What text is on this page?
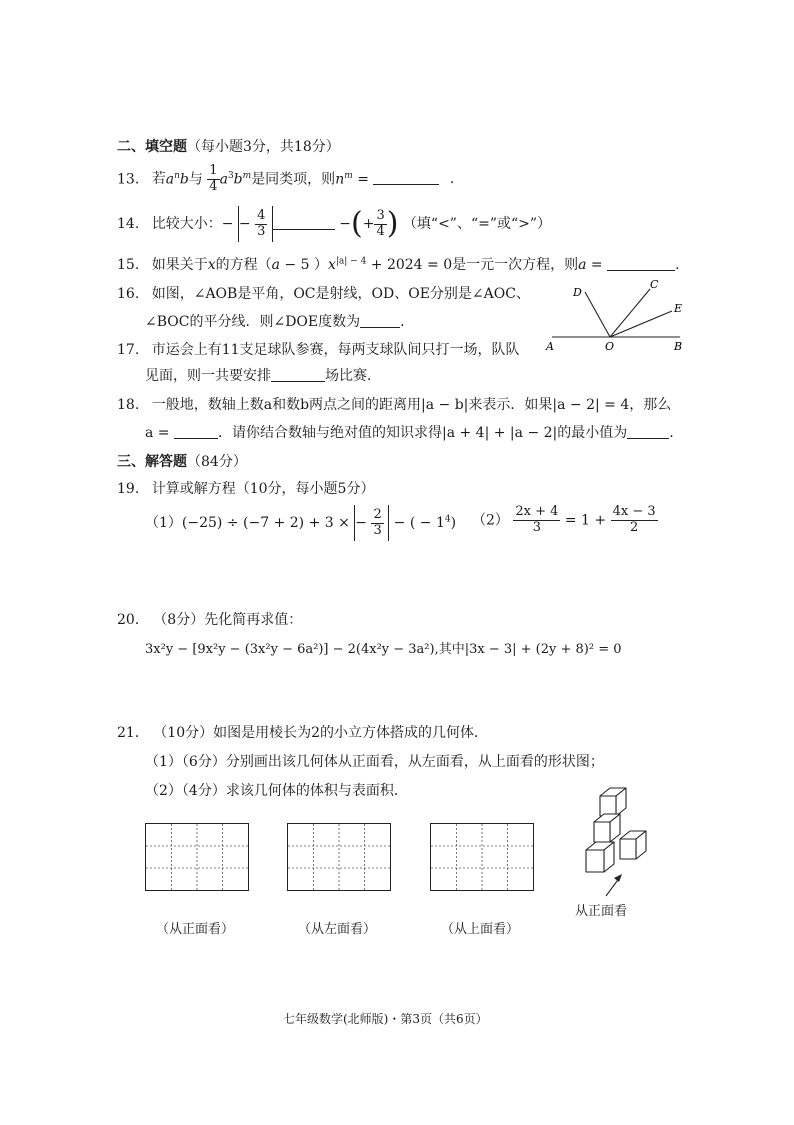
二、填空题（每小题3分，共18分）
13. 若$a^nb$与 $\frac{1}{4} a^3b^m$是同类项，则$n^m$ =	.
14. 比较大小：− − $\frac{4}{3}$	−(+ $\frac{3}{4}$ ) （填“<”、“=”或“>”）
15. 如果关于x的方程（a − 5 ）$x^{|a| - 4} + 2024 = 0$是一元一次方程，则a =	.
16. 如图，∠AOB是平角，OC是射线，OD、OE分别是∠AOC、
∠BOC的平分线．则∠DOE度数为	.
D
C
E
A	O	B
17. 市运会上有11支足球队参赛，每两支球队间只打一场，队队
见面，则一共要安排	场比赛．
18. 一般地，数轴上数a和数b两点之间的距离用|a − b|来表示．如果|a − 2| = 4，那么
a =	．请你结合数轴与绝对值的知识求得|a + 4| + |a − 2|的最小值为	.
三、解答题（84分）
19. 计算或解方程（10分，每小题5分）
（1）(−25) ÷ (−7 + 2) + 3 × − $\frac{2}{3}$ − ( − $1^4$) $(2) \frac{2x + 4}{3} = 1 + \frac{4x - 3}{2}$
20． （8分）先化简再求值：
3x²y − [9x²y − (3x²y − 6a²)] − 2(4x²y − 3a²),其中|3x − 3| + (2y + 8)² = 0
21． （10分）如图是用棱长为2的小立方体搭成的几何体．
（1）（6分）分别画出该几何体从正面看，从左面看，从上面看的形状图；
（2）（4分）求该几何体的体积与表面积．
（从正面看）	（从左面看）	（从上面看）
从正面看
七年级数学(北师版)・第3页（共6页）
